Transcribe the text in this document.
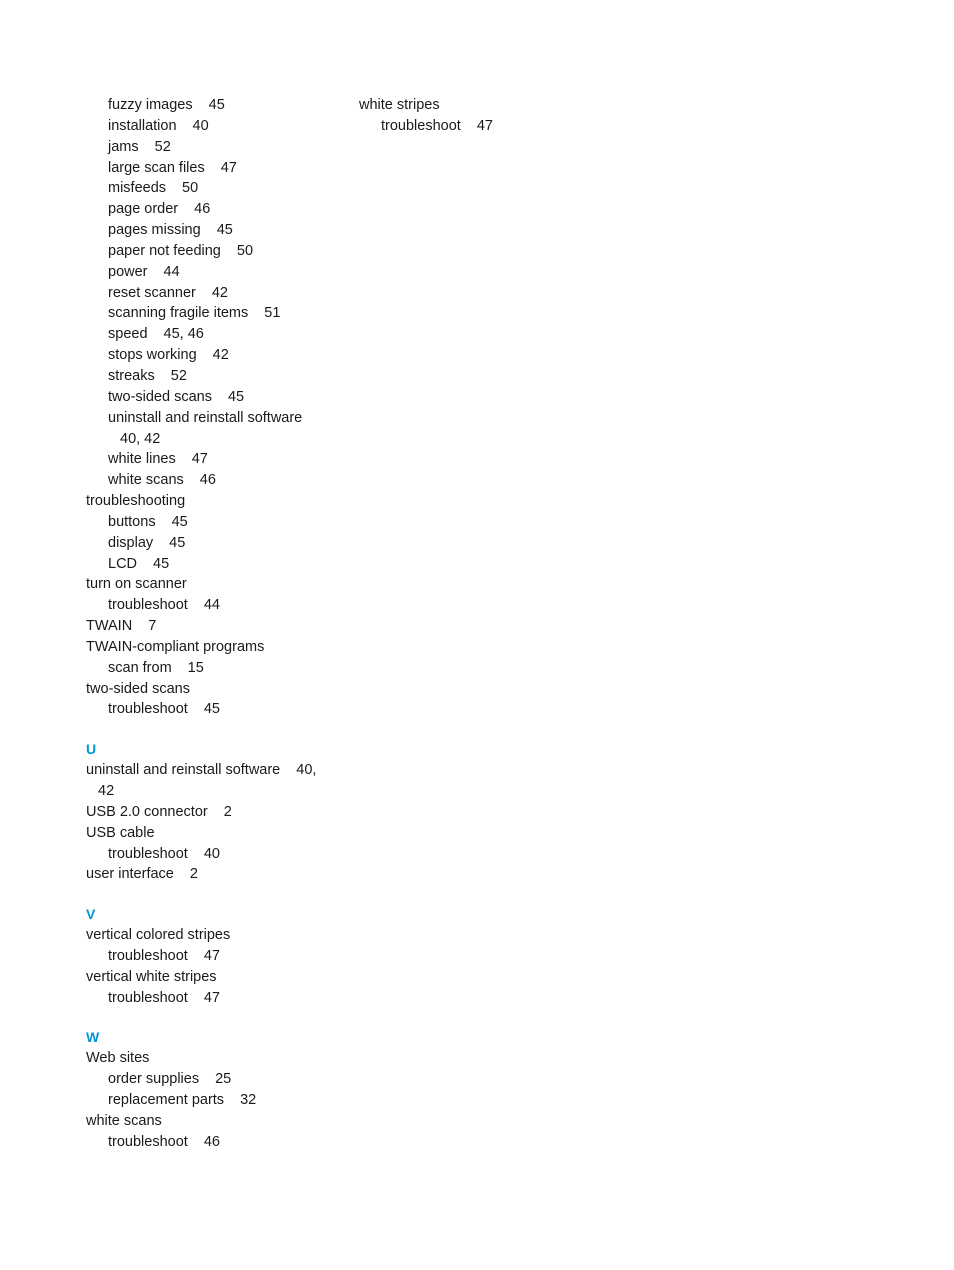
fuzzy images 45
installation 40
jams 52
large scan files 47
misfeeds 50
page order 46
pages missing 45
paper not feeding 50
power 44
reset scanner 42
scanning fragile items 51
speed 45, 46
stops working 42
streaks 52
two-sided scans 45
uninstall and reinstall software
40, 42
white lines 47
white scans 46
troubleshooting
buttons 45
display 45
LCD 45
turn on scanner
troubleshoot 44
TWAIN 7
TWAIN-compliant programs
scan from 15
two-sided scans
troubleshoot 45
U
uninstall and reinstall software 40,
42
USB 2.0 connector 2
USB cable
troubleshoot 40
user interface 2
V
vertical colored stripes
troubleshoot 47
vertical white stripes
troubleshoot 47
W
Web sites
order supplies 25
replacement parts 32
white scans
troubleshoot 46
white stripes
troubleshoot 47
